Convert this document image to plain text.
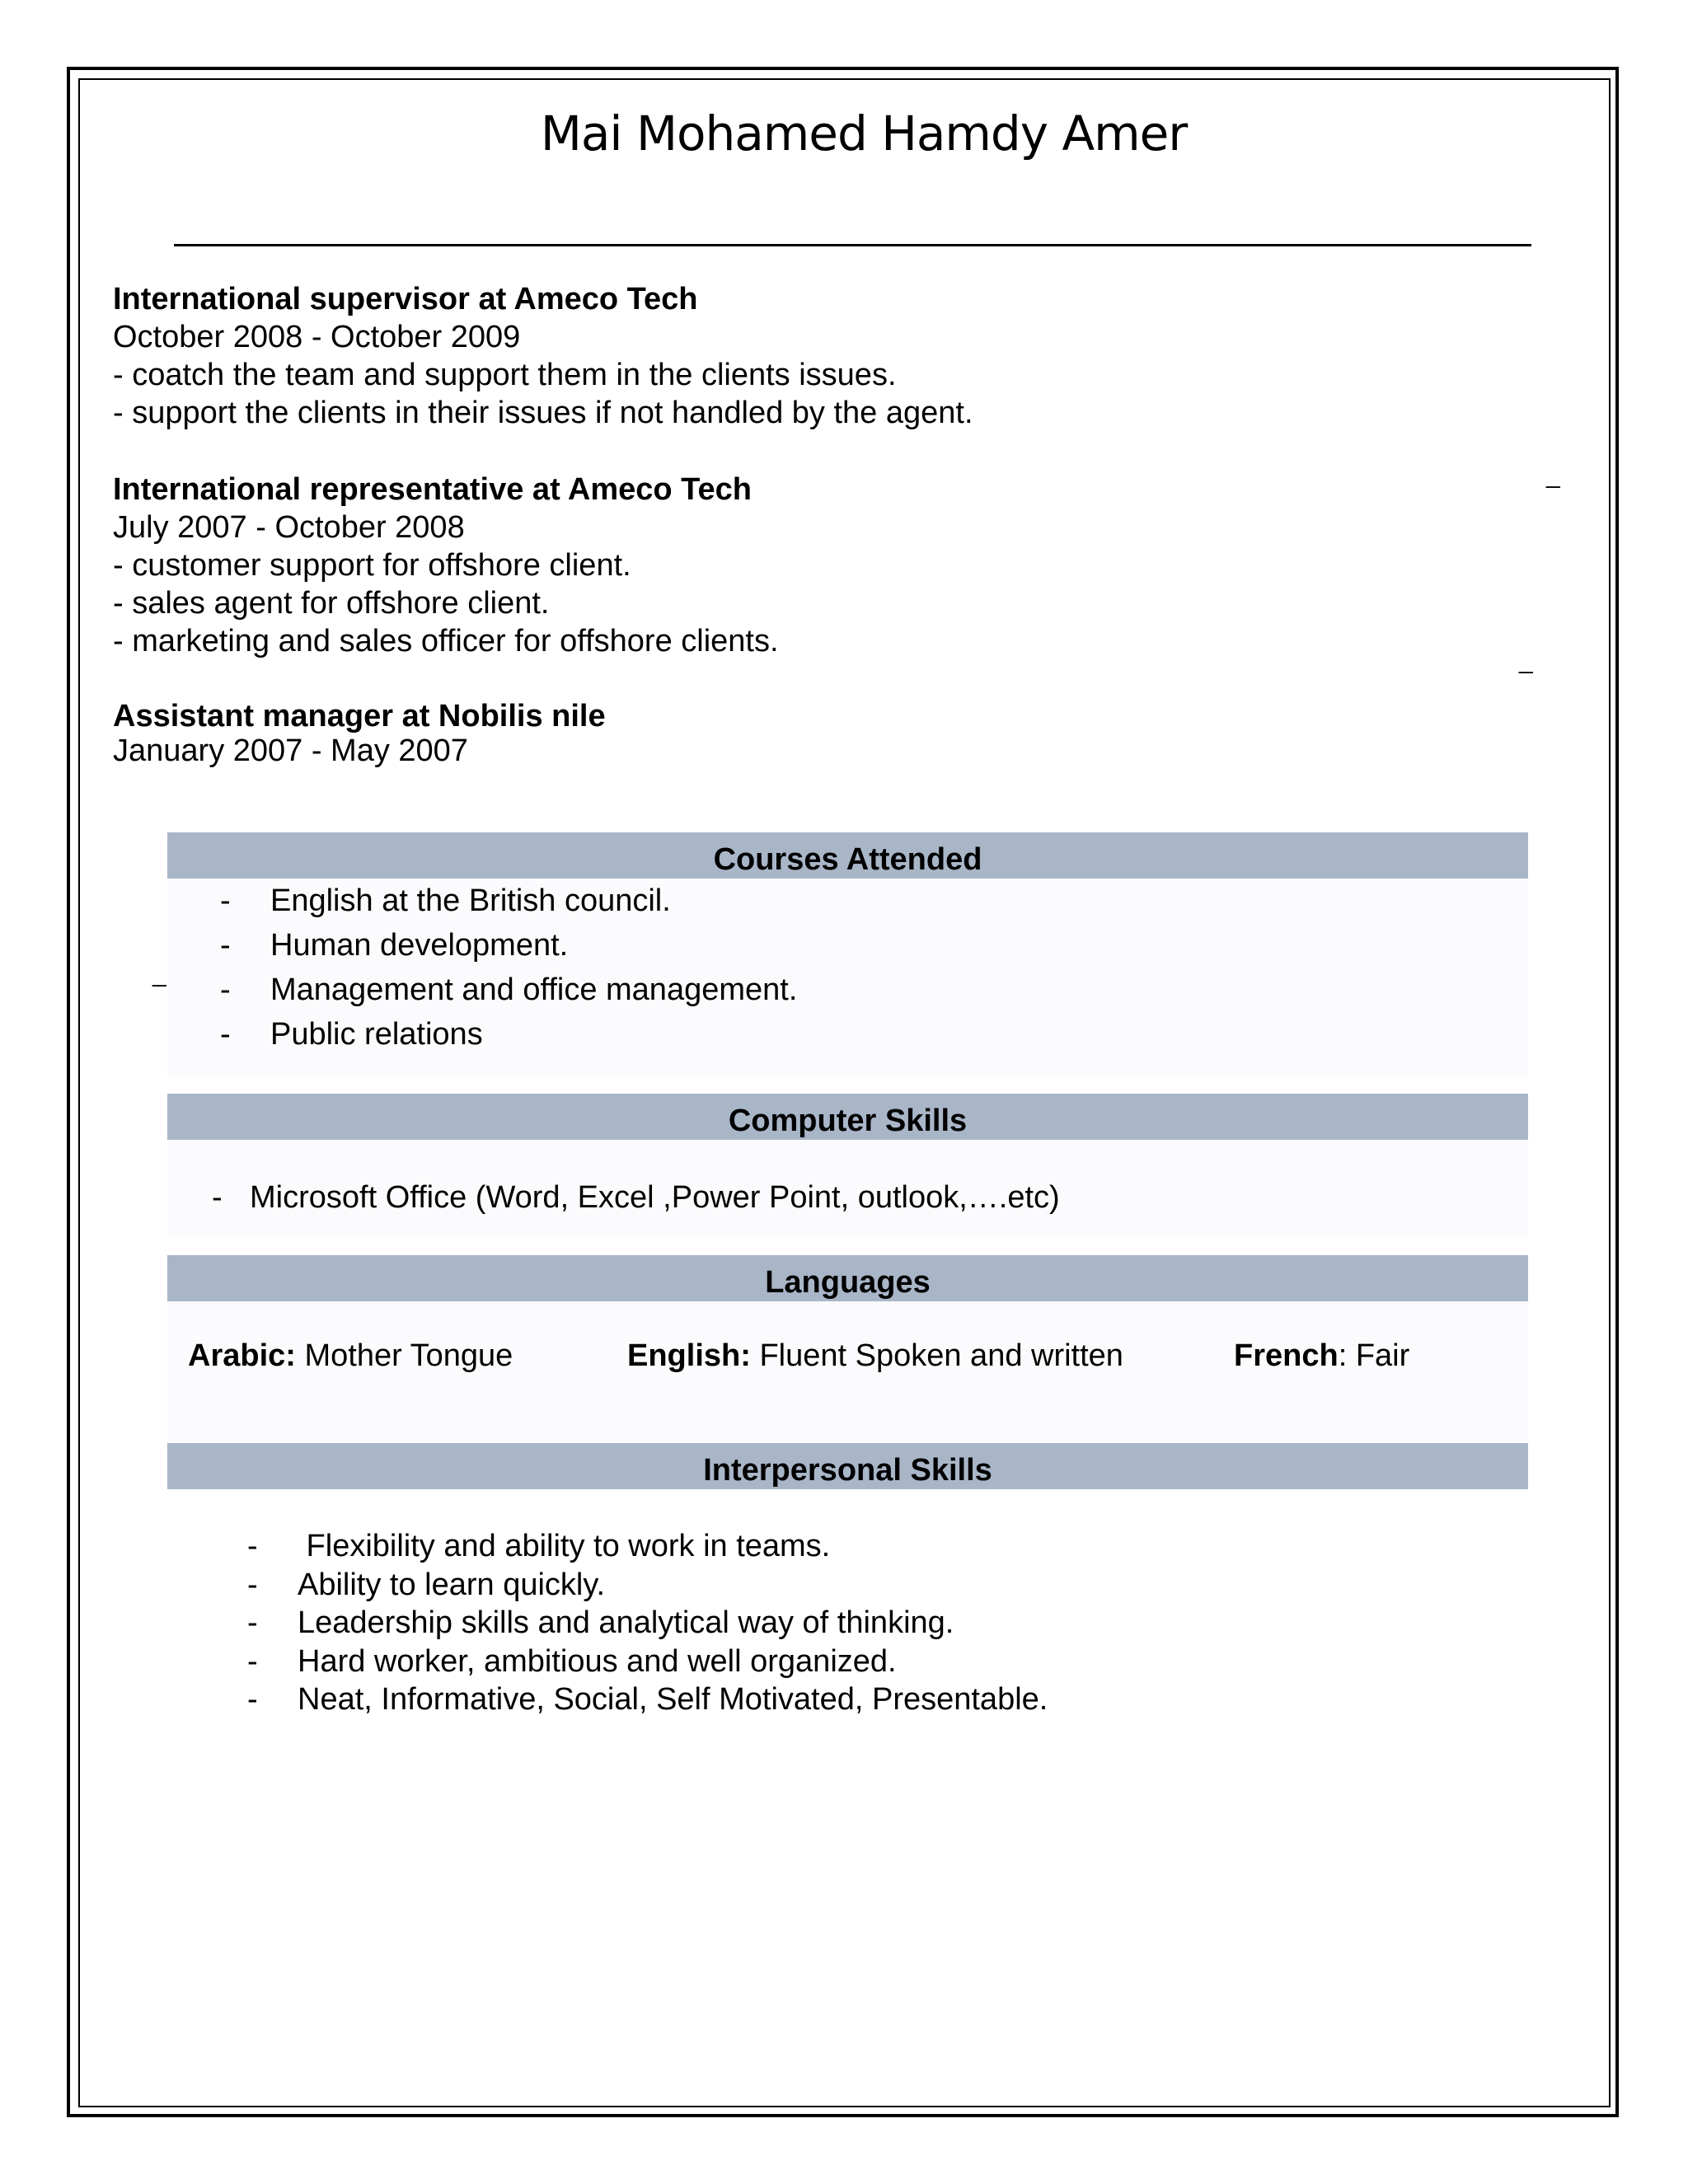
Mai Mohamed Hamdy Amer
International supervisor at Ameco Tech
October 2008 - October 2009
- coatch the team and support them in the clients issues.
- support the clients in their issues if not handled by the agent.
International representative at Ameco Tech
July 2007 - October 2008
- customer support for offshore client.
- sales agent for offshore client.
- marketing and sales officer for offshore clients.
Assistant manager at Nobilis nile
January 2007 - May 2007
_
_
_
Courses Attended
- English at the British council.
- Human development.
- Management and office management.
- Public relations
Computer Skills
- Microsoft Office (Word, Excel ,Power Point, outlook,….etc)
Languages
Arabic: Mother Tongue	English: Fluent Spoken and written	French: Fair
Interpersonal Skills
- Flexibility and ability to work in teams.
- Ability to learn quickly.
- Leadership skills and analytical way of thinking.
- Hard worker, ambitious and well organized.
- Neat, Informative, Social, Self Motivated, Presentable.
